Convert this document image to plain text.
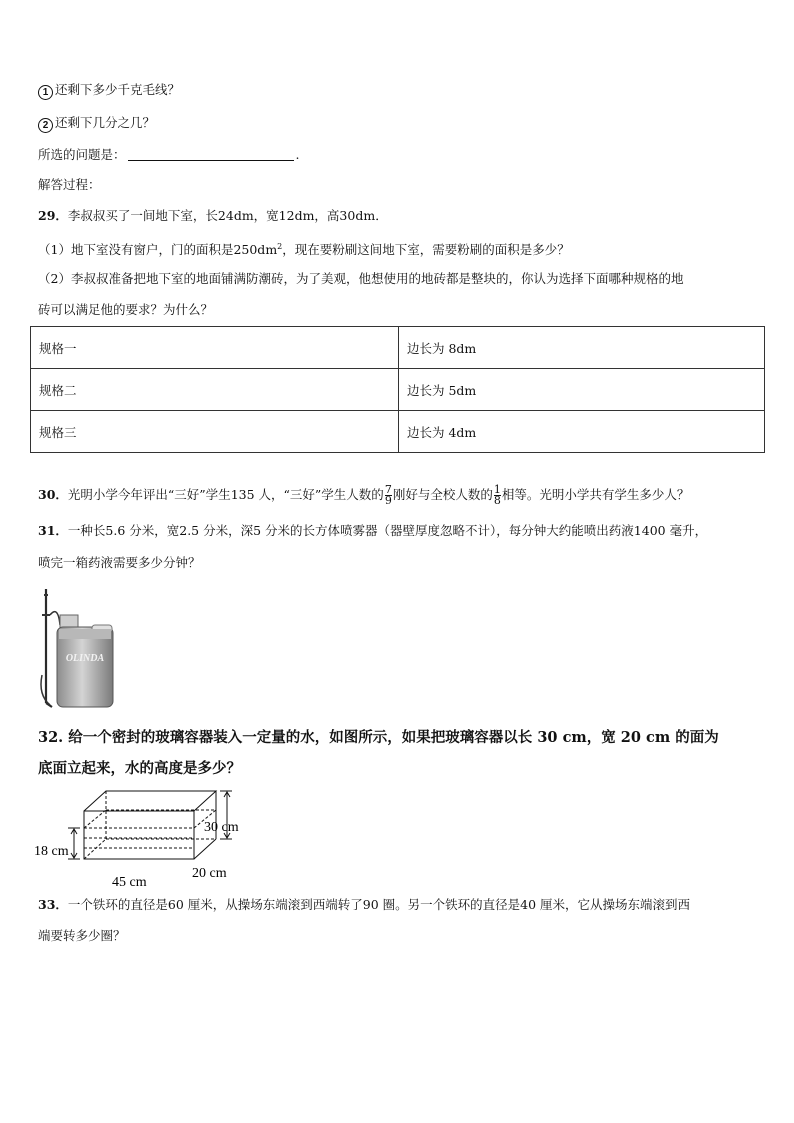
1 还剩下多少千克毛线？
2 还剩下几分之几？
所选的问题是：	.
解答过程：
29．李叔叔买了一间地下室，长24dm，宽12dm，高30dm．
（1）地下室没有窗户，门的面积是$250dm^2$，现在要粉刷这间地下室，需要粉刷的面积是多少？
（2）李叔叔准备把地下室的地面铺满防潮砖，为了美观，他想使用的地砖都是整块的，你认为选择下面哪种规格的地
砖可以满足他的要求？为什么？
规格一	边长为 8dm
规格二	边长为 5dm
规格三	边长为 4dm
30．光明小学今年评出“三好”学生135 人，“三好”学生人数的 $\frac{7}{9}$ 刚好与全校人数的 $\frac{1}{8}$ 相等。光明小学共有学生多少人？
31．一种长5.6 分米，宽2.5 分米，深5 分米的长方体喷雾器（器壁厚度忽略不计），每分钟大约能喷出药液1400 毫升，
喷完一箱药液需要多少分钟？
OLINDA
32. 给一个密封的玻璃容器装入一定量的水，如图所示，如果把玻璃容器以长 30 cm，宽 20 cm 的面为
底面立起来，水的高度是多少？
30 cm
18 cm
45 cm
20 cm
33．一个铁环的直径是60 厘米，从操场东端滚到西端转了90 圈。另一个铁环的直径是40 厘米，它从操场东端滚到西
端要转多少圈？
